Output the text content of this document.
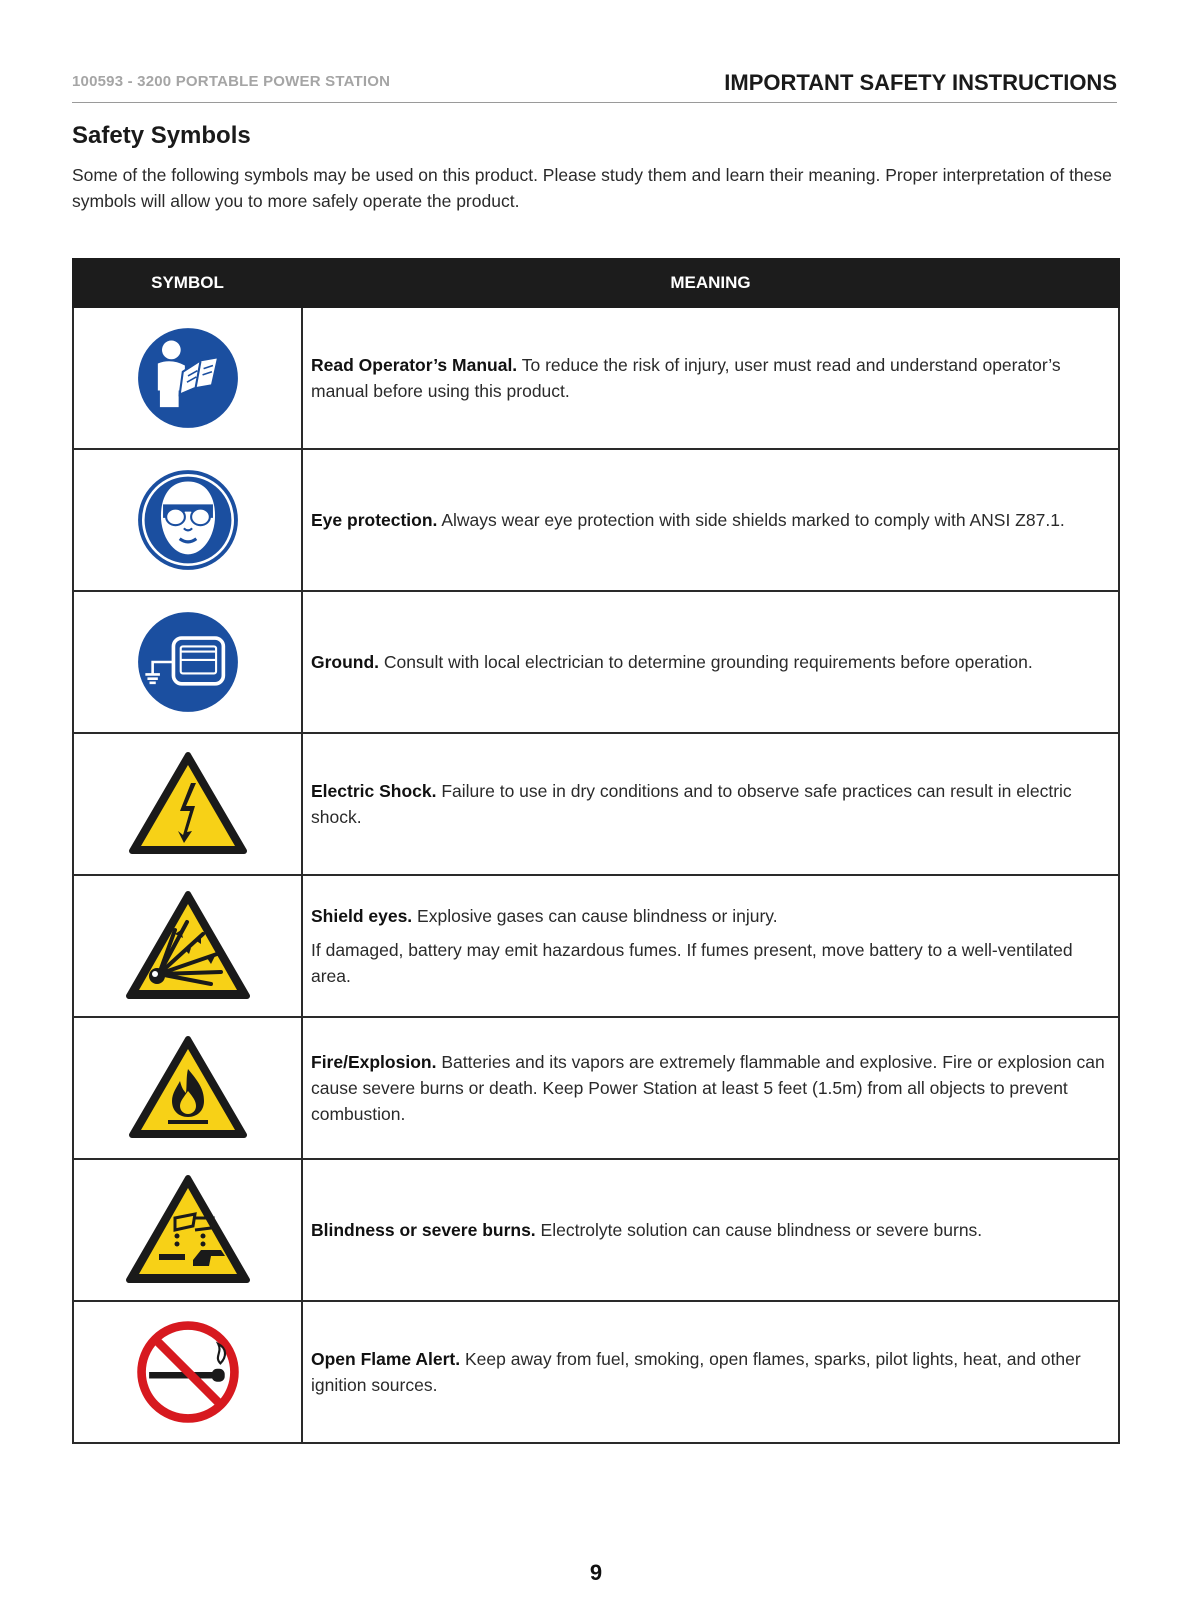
100593 - 3200 PORTABLE POWER STATION	IMPORTANT SAFETY INSTRUCTIONS
Safety Symbols

Some of the following symbols may be used on this product. Please study them and learn their meaning. Proper interpretation of these symbols will allow you to more safely operate the product.

SYMBOL	MEANING

Read Operator’s Manual. To reduce the risk of injury, user must read and understand operator’s manual before using this product.

Eye protection. Always wear eye protection with side shields marked to comply with ANSI Z87.1.

Ground. Consult with local electrician to determine grounding requirements before operation.

Electric Shock. Failure to use in dry conditions and to observe safe practices can result in electric shock.

Shield eyes. Explosive gases can cause blindness or injury.

If damaged, battery may emit hazardous fumes. If fumes present, move battery to a well-ventilated area.

Fire/Explosion. Batteries and its vapors are extremely flammable and explosive. Fire or explosion can cause severe burns or death. Keep Power Station at least 5 feet (1.5m) from all objects to prevent combustion.

Blindness or severe burns. Electrolyte solution can cause blindness or severe burns.

Open Flame Alert. Keep away from fuel, smoking, open flames, sparks, pilot lights, heat, and other ignition sources.

9
